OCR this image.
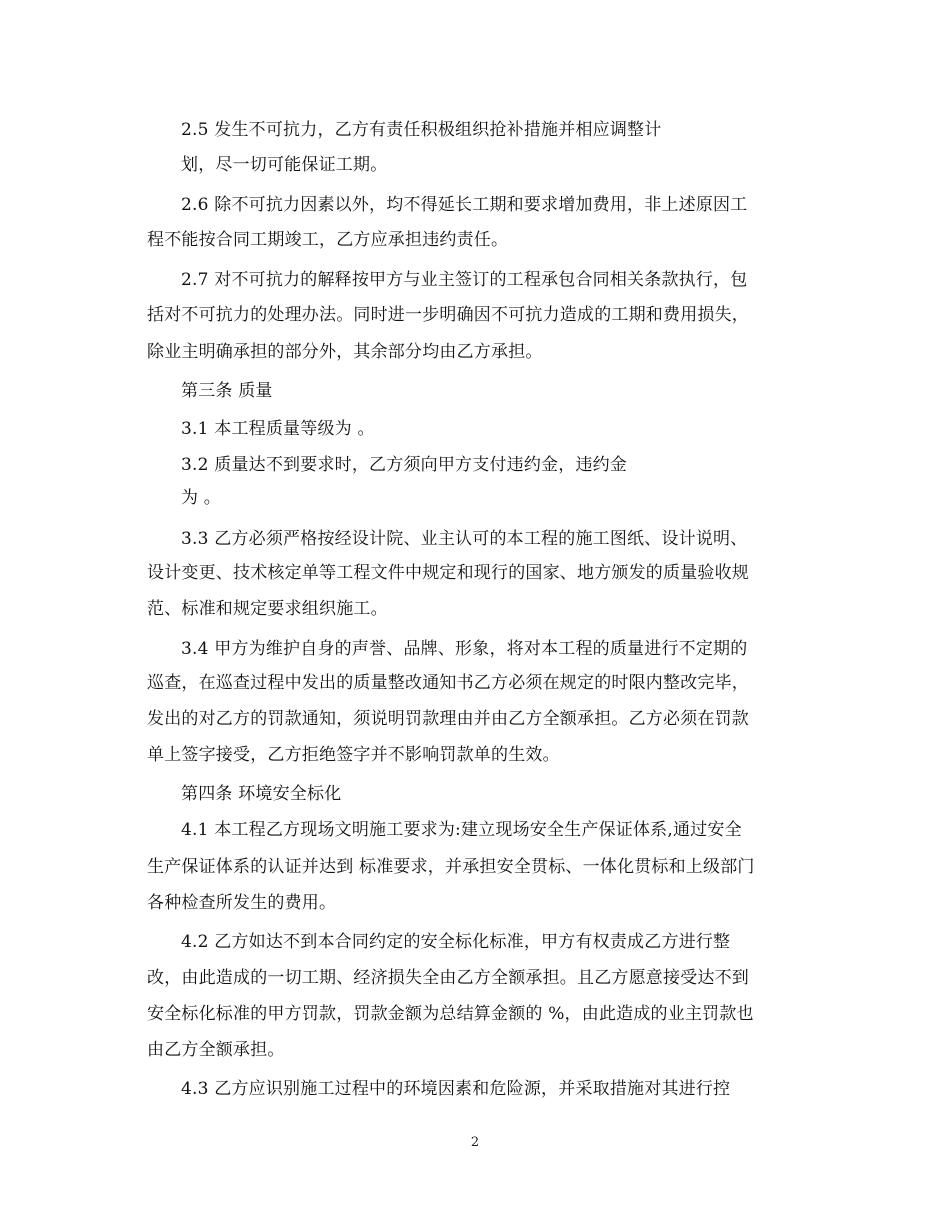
2.5 发生不可抗力，乙方有责任积极组织抢补措施并相应调整计
划，尽一切可能保证工期。
2.6 除不可抗力因素以外，均不得延长工期和要求增加费用，非上述原因工
程不能按合同工期竣工，乙方应承担违约责任。
2.7 对不可抗力的解释按甲方与业主签订的工程承包合同相关条款执行，包
括对不可抗力的处理办法。同时进一步明确因不可抗力造成的工期和费用损失，
除业主明确承担的部分外，其余部分均由乙方承担。
第三条 质量
3.1 本工程质量等级为 。
3.2 质量达不到要求时，乙方须向甲方支付违约金，违约金
为 。
3.3 乙方必须严格按经设计院、业主认可的本工程的施工图纸、设计说明、
设计变更、技术核定单等工程文件中规定和现行的国家、地方颁发的质量验收规
范、标准和规定要求组织施工。
3.4 甲方为维护自身的声誉、品牌、形象，将对本工程的质量进行不定期的
巡查，在巡查过程中发出的质量整改通知书乙方必须在规定的时限内整改完毕，
发出的对乙方的罚款通知，须说明罚款理由并由乙方全额承担。乙方必须在罚款
单上签字接受，乙方拒绝签字并不影响罚款单的生效。
第四条 环境安全标化
4.1 本工程乙方现场文明施工要求为:建立现场安全生产保证体系,通过安全
生产保证体系的认证并达到 标准要求，并承担安全贯标、一体化贯标和上级部门
各种检查所发生的费用。
4.2 乙方如达不到本合同约定的安全标化标准，甲方有权责成乙方进行整
改，由此造成的一切工期、经济损失全由乙方全额承担。且乙方愿意接受达不到
安全标化标准的甲方罚款，罚款金额为总结算金额的 %，由此造成的业主罚款也
由乙方全额承担。
4.3 乙方应识别施工过程中的环境因素和危险源，并采取措施对其进行控
2
